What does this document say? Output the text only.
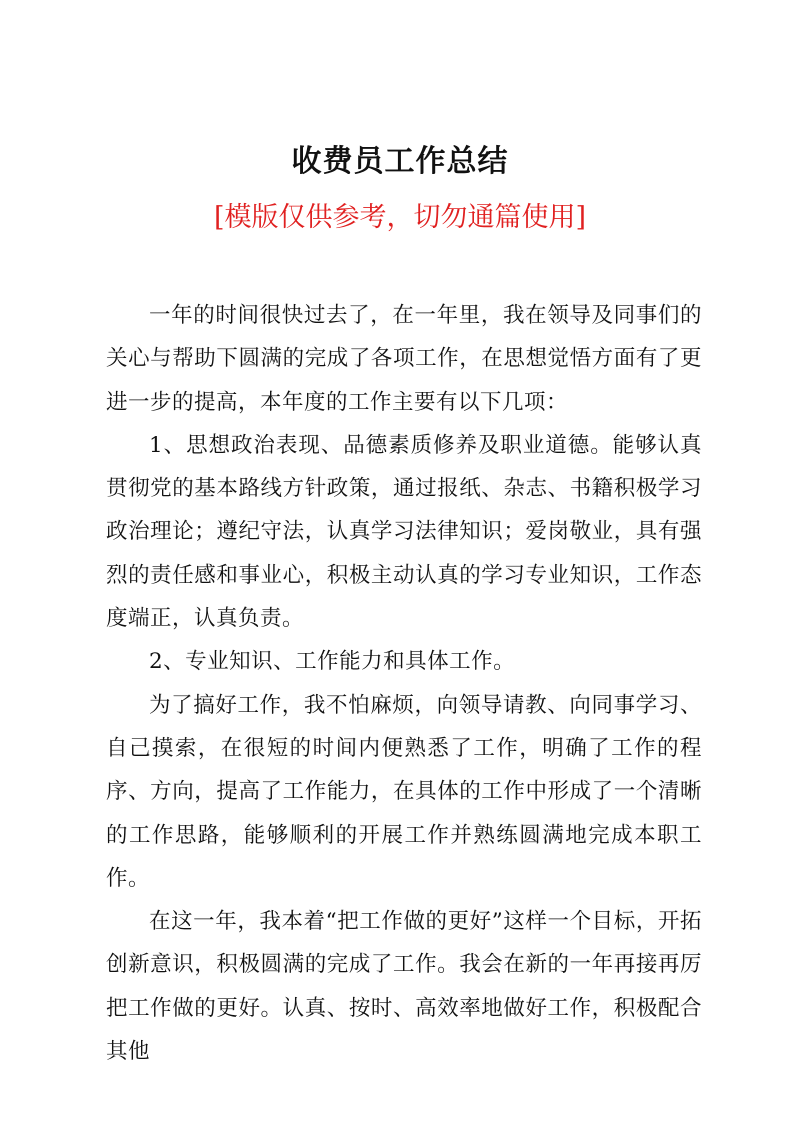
收费员工作总结
[模版仅供参考，切勿通篇使用]

一年的时间很快过去了，在一年里，我在领导及同事们的关心与帮助下圆满的完成了各项工作，在思想觉悟方面有了更进一步的提高，本年度的工作主要有以下几项：

1、思想政治表现、品德素质修养及职业道德。能够认真贯彻党的基本路线方针政策，通过报纸、杂志、书籍积极学习政治理论；遵纪守法，认真学习法律知识；爱岗敬业，具有强烈的责任感和事业心，积极主动认真的学习专业知识，工作态度端正，认真负责。

2、专业知识、工作能力和具体工作。

为了搞好工作，我不怕麻烦，向领导请教、向同事学习、自己摸索，在很短的时间内便熟悉了工作，明确了工作的程序、方向，提高了工作能力，在具体的工作中形成了一个清晰的工作思路，能够顺利的开展工作并熟练圆满地完成本职工作。

在这一年，我本着“把工作做的更好”这样一个目标，开拓创新意识，积极圆满的完成了工作。我会在新的一年再接再厉把工作做的更好。认真、按时、高效率地做好工作，积极配合其他
